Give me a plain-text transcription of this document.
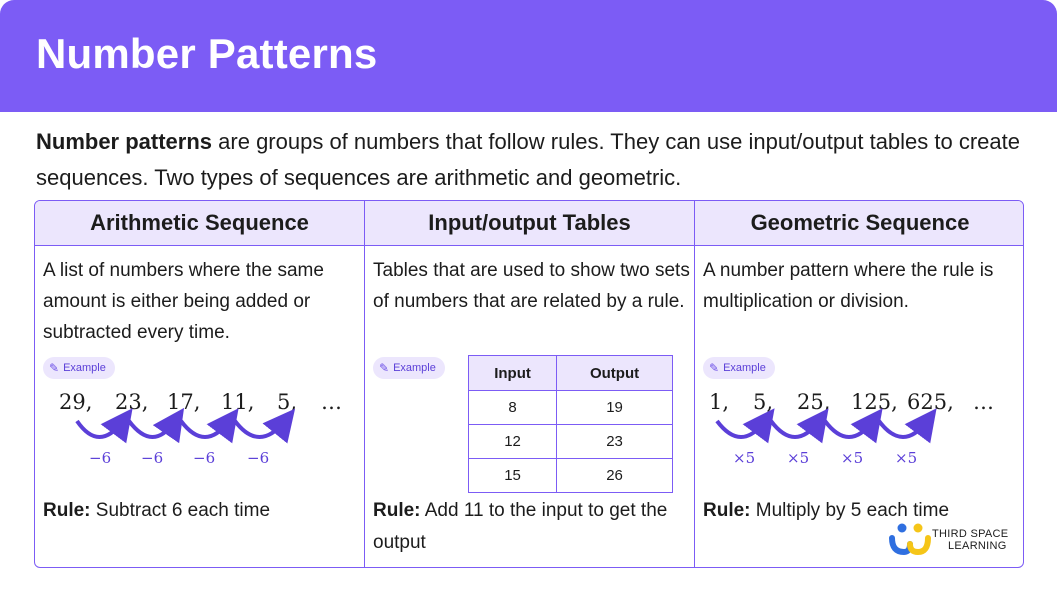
Number Patterns
Number patterns are groups of numbers that follow rules. They can use input/output tables to create sequences. Two types of sequences are arithmetic and geometric.
Arithmetic Sequence
A list of numbers where the same amount is either being added or subtracted every time.
✎ Example
29, 23, 17, 11, 5, …
−6 −6 −6 −6
Rule: Subtract 6 each time
Input/output Tables
Tables that are used to show two sets of numbers that are related by a rule.
✎ Example	Input	Output
8	19
12	23
15	26
Rule: Add 11 to the input to get the output
Geometric Sequence
A number pattern where the rule is multiplication or division.
✎ Example
1, 5, 25, 125, 625, …
×5 ×5 ×5 ×5
Rule: Multiply by 5 each time
THIRD SPACE
LEARNING
